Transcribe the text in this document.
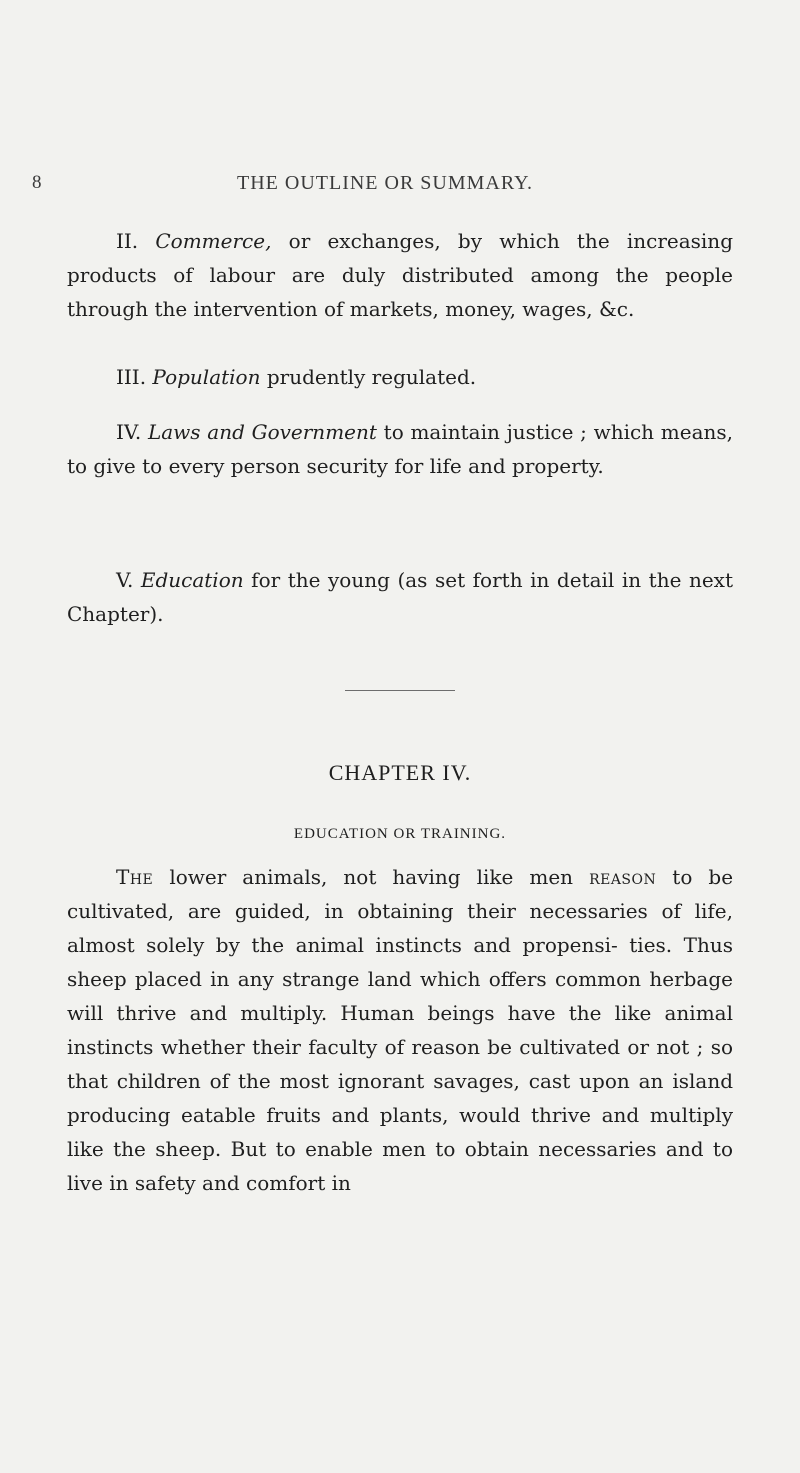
8	THE OUTLINE OR SUMMARY.

II. Commerce, or exchanges, by which the increasing products of labour are duly distributed among the people through the intervention of markets, money, wages, &c.

III. Population prudently regulated.

IV. Laws and Government to maintain justice ; which means, to give to every person security for life and property.

V. Education for the young (as set forth in detail in the next Chapter).

CHAPTER IV.
EDUCATION OR TRAINING.

The lower animals, not having like men reason to be cultivated, are guided, in obtaining their necessaries of life, almost solely by the animal instincts and propensi- ties. Thus sheep placed in any strange land which offers common herbage will thrive and multiply. Human beings have the like animal instincts whether their faculty of reason be cultivated or not ; so that children of the most ignorant savages, cast upon an island producing eatable fruits and plants, would thrive and multiply like the sheep. But to enable men to obtain necessaries and to live in safety and comfort in
